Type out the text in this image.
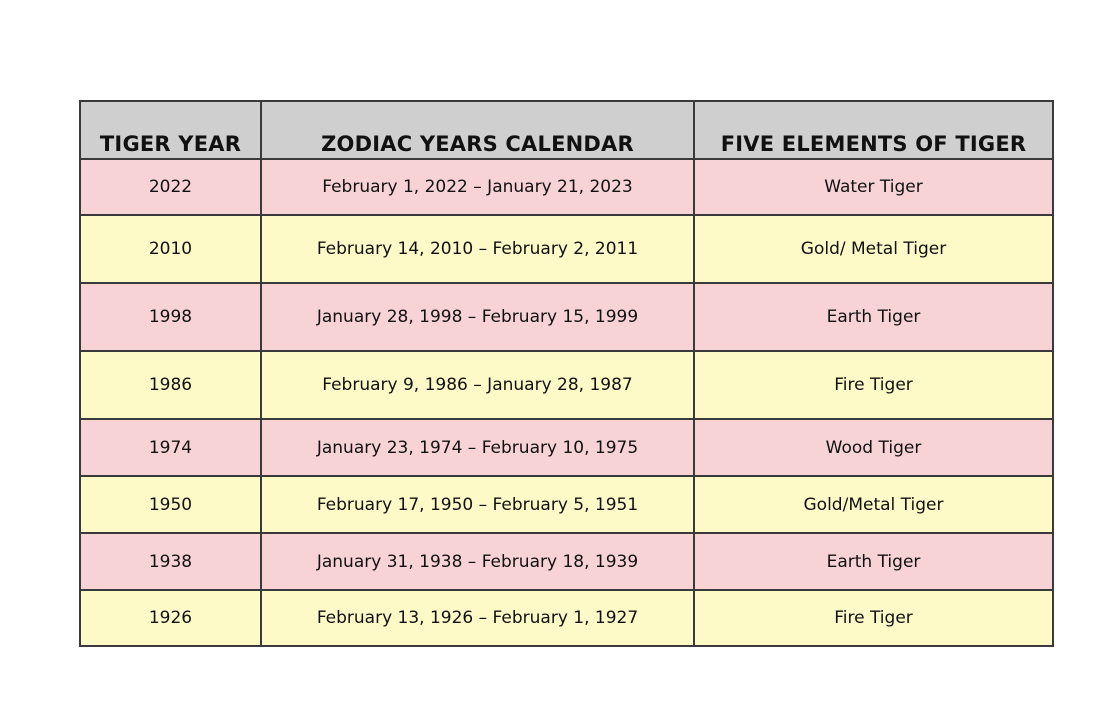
TIGER YEAR	ZODIAC YEARS CALENDAR	FIVE ELEMENTS OF TIGER
2022	February 1, 2022 – January 21, 2023	Water Tiger
2010	February 14, 2010 – February 2, 2011	Gold/ Metal Tiger
1998	January 28, 1998 – February 15, 1999	Earth Tiger
1986	February 9, 1986 – January 28, 1987	Fire Tiger
1974	January 23, 1974 – February 10, 1975	Wood Tiger
1950	February 17, 1950 – February 5, 1951	Gold/Metal Tiger
1938	January 31, 1938 – February 18, 1939	Earth Tiger
1926	February 13, 1926 – February 1, 1927	Fire Tiger
